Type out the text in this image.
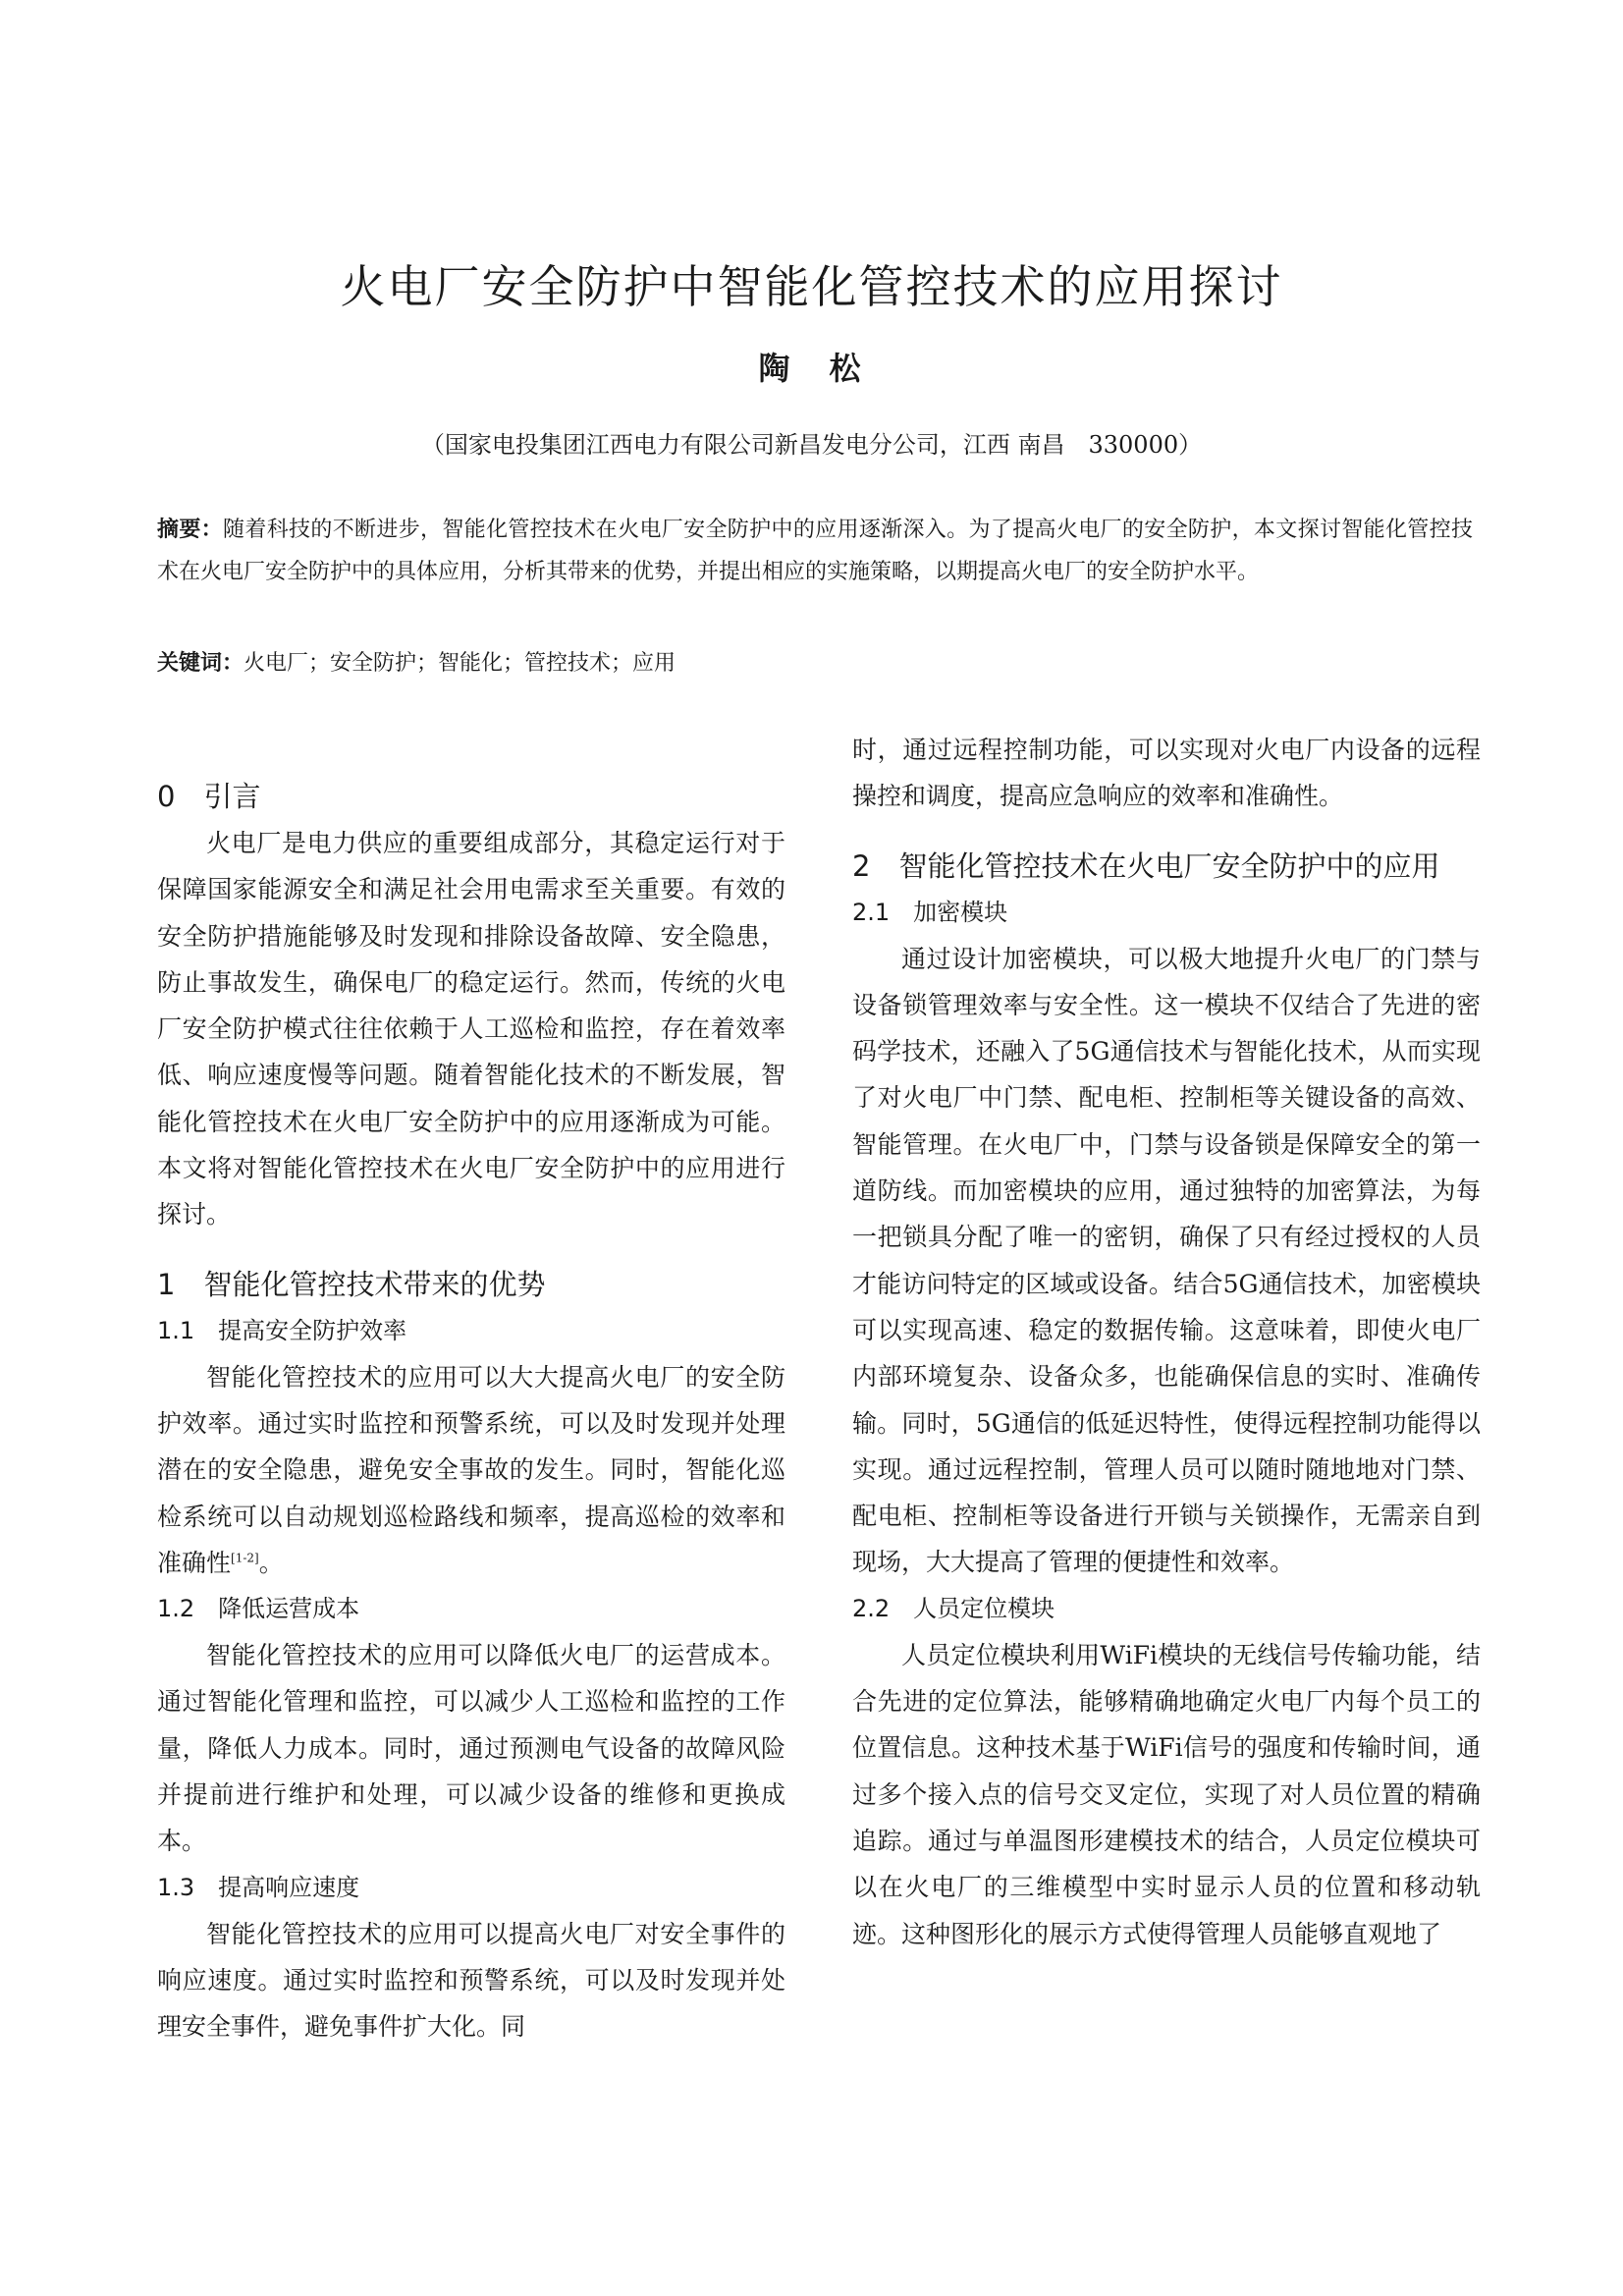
火电厂安全防护中智能化管控技术的应用探讨
陶　松
（国家电投集团江西电力有限公司新昌发电分公司，江西 南昌　330000）
摘要：随着科技的不断进步，智能化管控技术在火电厂安全防护中的应用逐渐深入。为了提高火电厂的安全防护，本文探讨智能化管控技术在火电厂安全防护中的具体应用，分析其带来的优势，并提出相应的实施策略，以期提高火电厂的安全防护水平。
关键词：火电厂；安全防护；智能化；管控技术；应用
0　引言

火电厂是电力供应的重要组成部分，其稳定运行对于保障国家能源安全和满足社会用电需求至关重要。有效的安全防护措施能够及时发现和排除设备故障、安全隐患，防止事故发生，确保电厂的稳定运行。然而，传统的火电厂安全防护模式往往依赖于人工巡检和监控，存在着效率低、响应速度慢等问题。随着智能化技术的不断发展，智能化管控技术在火电厂安全防护中的应用逐渐成为可能。本文将对智能化管控技术在火电厂安全防护中的应用进行探讨。

1　智能化管控技术带来的优势
1.1　提高安全防护效率

智能化管控技术的应用可以大大提高火电厂的安全防护效率。通过实时监控和预警系统，可以及时发现并处理潜在的安全隐患，避免安全事故的发生。同时，智能化巡检系统可以自动规划巡检路线和频率，提高巡检的效率和准确性[1-2]。

1.2　降低运营成本

智能化管控技术的应用可以降低火电厂的运营成本。通过智能化管理和监控，可以减少人工巡检和监控的工作量，降低人力成本。同时，通过预测电气设备的故障风险并提前进行维护和处理，可以减少设备的维修和更换成本。

1.3　提高响应速度

智能化管控技术的应用可以提高火电厂对安全事件的响应速度。通过实时监控和预警系统，可以及时发现并处理安全事件，避免事件扩大化。同

时，通过远程控制功能，可以实现对火电厂内设备的远程操控和调度，提高应急响应的效率和准确性。

2　智能化管控技术在火电厂安全防护中的应用
2.1　加密模块

通过设计加密模块，可以极大地提升火电厂的门禁与设备锁管理效率与安全性。这一模块不仅结合了先进的密码学技术，还融入了5G通信技术与智能化技术，从而实现了对火电厂中门禁、配电柜、控制柜等关键设备的高效、智能管理。在火电厂中，门禁与设备锁是保障安全的第一道防线。而加密模块的应用，通过独特的加密算法，为每一把锁具分配了唯一的密钥，确保了只有经过授权的人员才能访问特定的区域或设备。结合5G通信技术，加密模块可以实现高速、稳定的数据传输。这意味着，即使火电厂内部环境复杂、设备众多，也能确保信息的实时、准确传输。同时，5G通信的低延迟特性，使得远程控制功能得以实现。通过远程控制，管理人员可以随时随地地对门禁、配电柜、控制柜等设备进行开锁与关锁操作，无需亲自到现场，大大提高了管理的便捷性和效率。

2.2　人员定位模块

人员定位模块利用WiFi模块的无线信号传输功能，结合先进的定位算法，能够精确地确定火电厂内每个员工的位置信息。这种技术基于WiFi信号的强度和传输时间，通过多个接入点的信号交叉定位，实现了对人员位置的精确追踪。通过与单温图形建模技术的结合，人员定位模块可以在火电厂的三维模型中实时显示人员的位置和移动轨迹。这种图形化的展示方式使得管理人员能够直观地了
